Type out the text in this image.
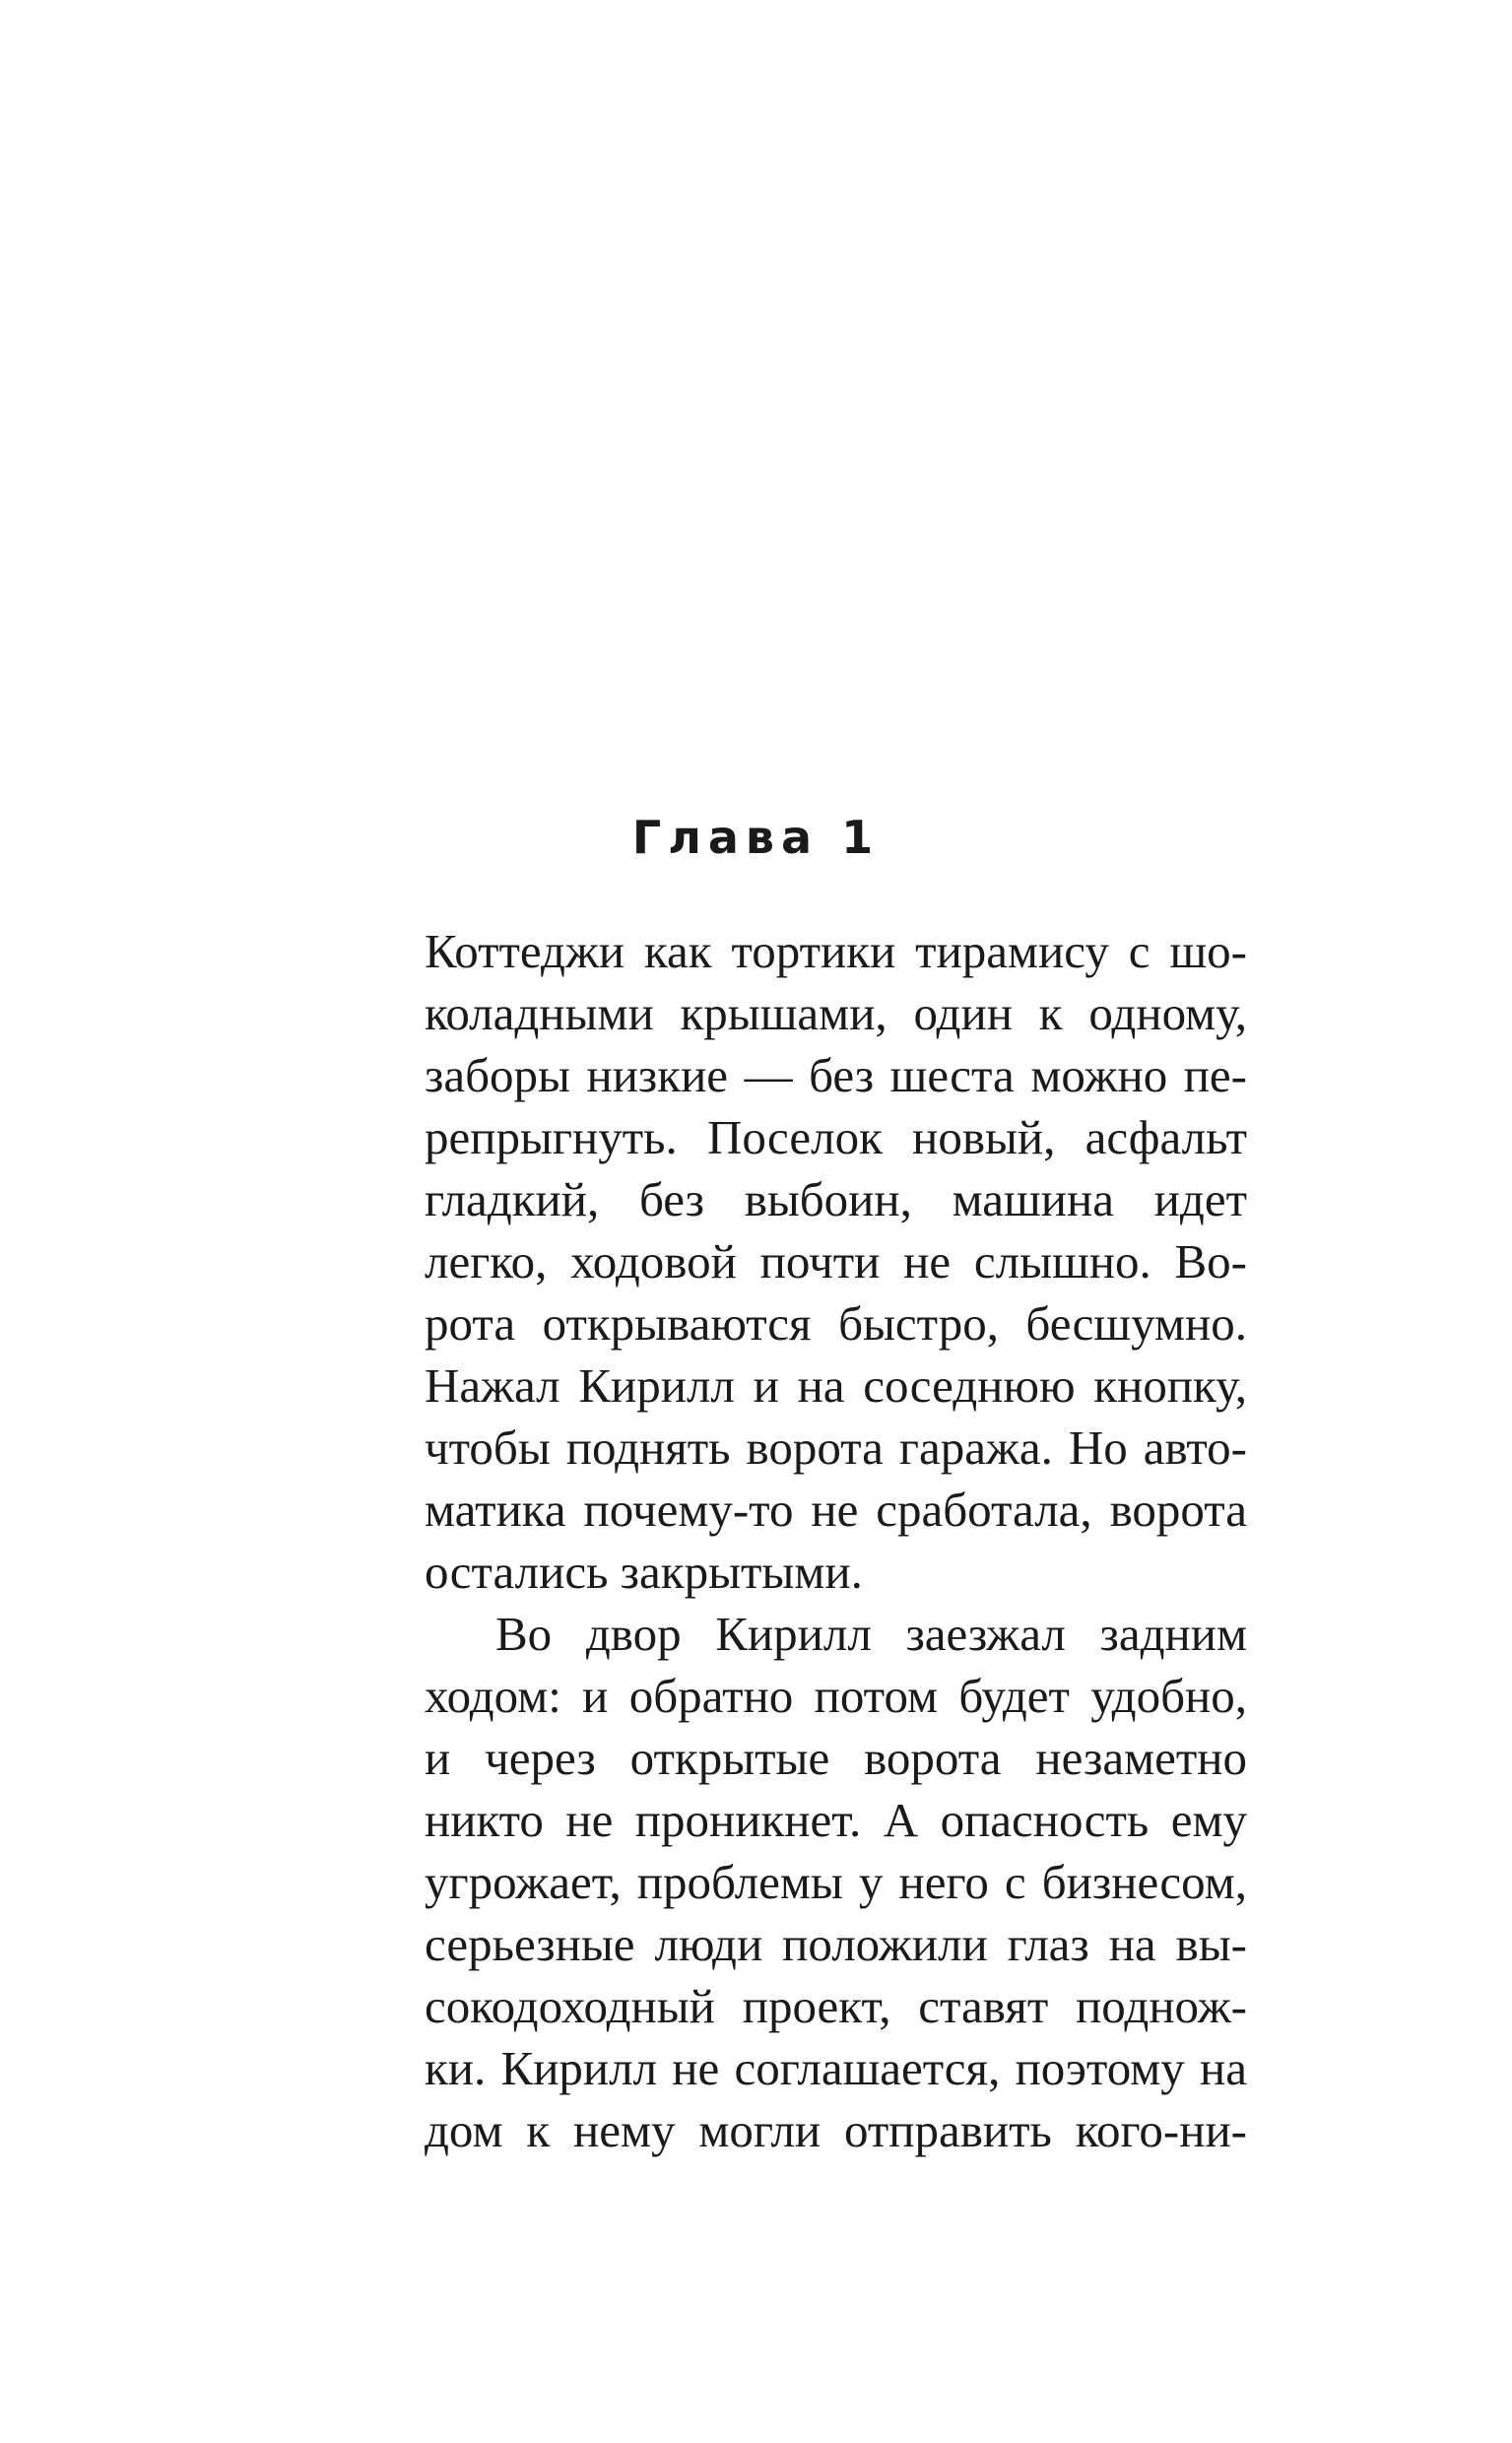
Глава 1
Коттеджи как тортики тирамису с шо-
коладными крышами, один к одному,
заборы низкие — без шеста можно пе-
репрыгнуть. Поселок новый, асфальт
гладкий, без выбоин, машина идет
легко, ходовой почти не слышно. Во-
рота открываются быстро, бесшумно.
Нажал Кирилл и на соседнюю кнопку,
чтобы поднять ворота гаража. Но авто-
матика почему-то не сработала, ворота
остались закрытыми.
Во двор Кирилл заезжал задним
ходом: и обратно потом будет удобно,
и через открытые ворота незаметно
никто не проникнет. А опасность ему
угрожает, проблемы у него с бизнесом,
серьезные люди положили глаз на вы-
сокодоходный проект, ставят поднож-
ки. Кирилл не соглашается, поэтому на
дом к нему могли отправить кого-ни-
